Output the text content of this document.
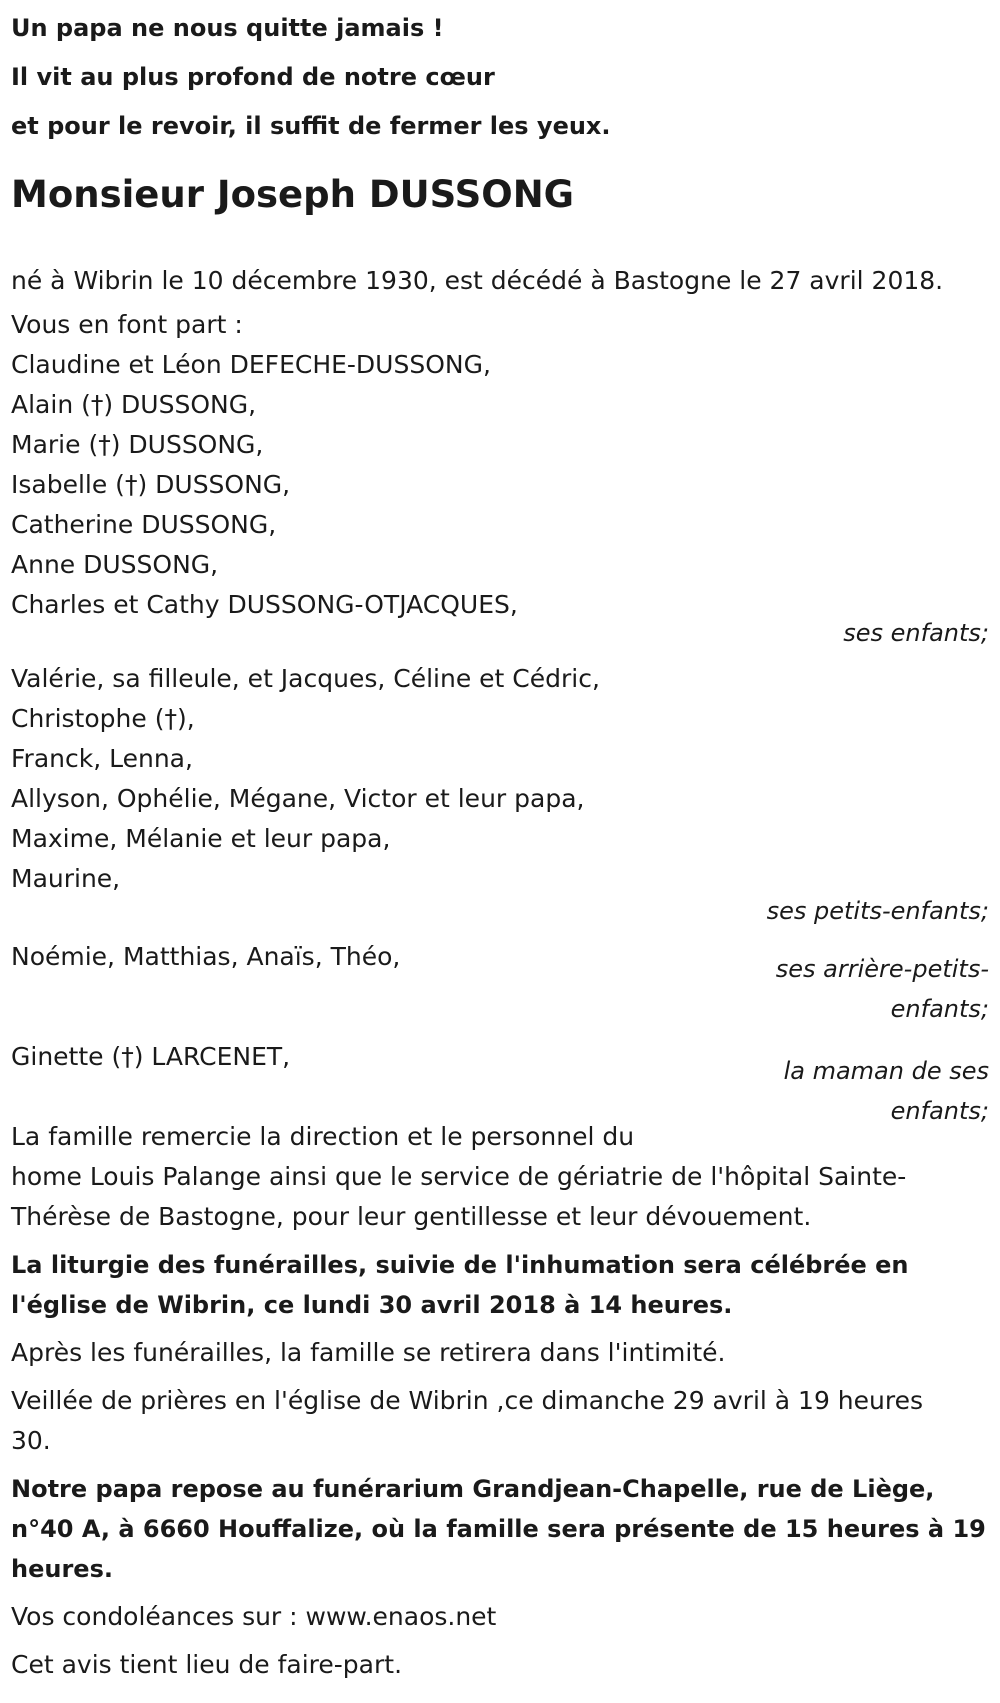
Un papa ne nous quitte jamais !

Il vit au plus profond de notre cœur

et pour le revoir, il suffit de fermer les yeux.

Monsieur Joseph DUSSONG

né à Wibrin le 10 décembre 1930, est décédé à Bastogne le 27 avril 2018.

Vous en font part :

Claudine et Léon DEFECHE-DUSSONG,

Alain (†) DUSSONG,

Marie (†) DUSSONG,

Isabelle (†) DUSSONG,

Catherine DUSSONG,

Anne DUSSONG,

Charles et Cathy DUSSONG-OTJACQUES,

ses enfants;

Valérie, sa filleule, et Jacques, Céline et Cédric,

Christophe (†),

Franck, Lenna,

Allyson, Ophélie, Mégane, Victor et leur papa,

Maxime, Mélanie et leur papa,

Maurine,

ses petits-enfants;

Noémie, Matthias, Anaïs, Théo,	ses arrière-petits-
enfants;

Ginette (†) LARCENET,	la maman de ses
enfants;

La famille remercie la direction et le personnel du

home Louis Palange ainsi que le service de gériatrie de l'hôpital Sainte-

Thérèse de Bastogne, pour leur gentillesse et leur dévouement.

La liturgie des funérailles, suivie de l'inhumation sera célébrée en

l'église de Wibrin, ce lundi 30 avril 2018 à 14 heures.

Après les funérailles, la famille se retirera dans l'intimité.

Veillée de prières en l'église de Wibrin ,ce dimanche 29 avril à 19 heures

30.

Notre papa repose au funérarium Grandjean-Chapelle, rue de Liège,

n°40 A, à 6660 Houffalize, où la famille sera présente de 15 heures à 19

heures.

Vos condoléances sur : www.enaos.net

Cet avis tient lieu de faire-part.
